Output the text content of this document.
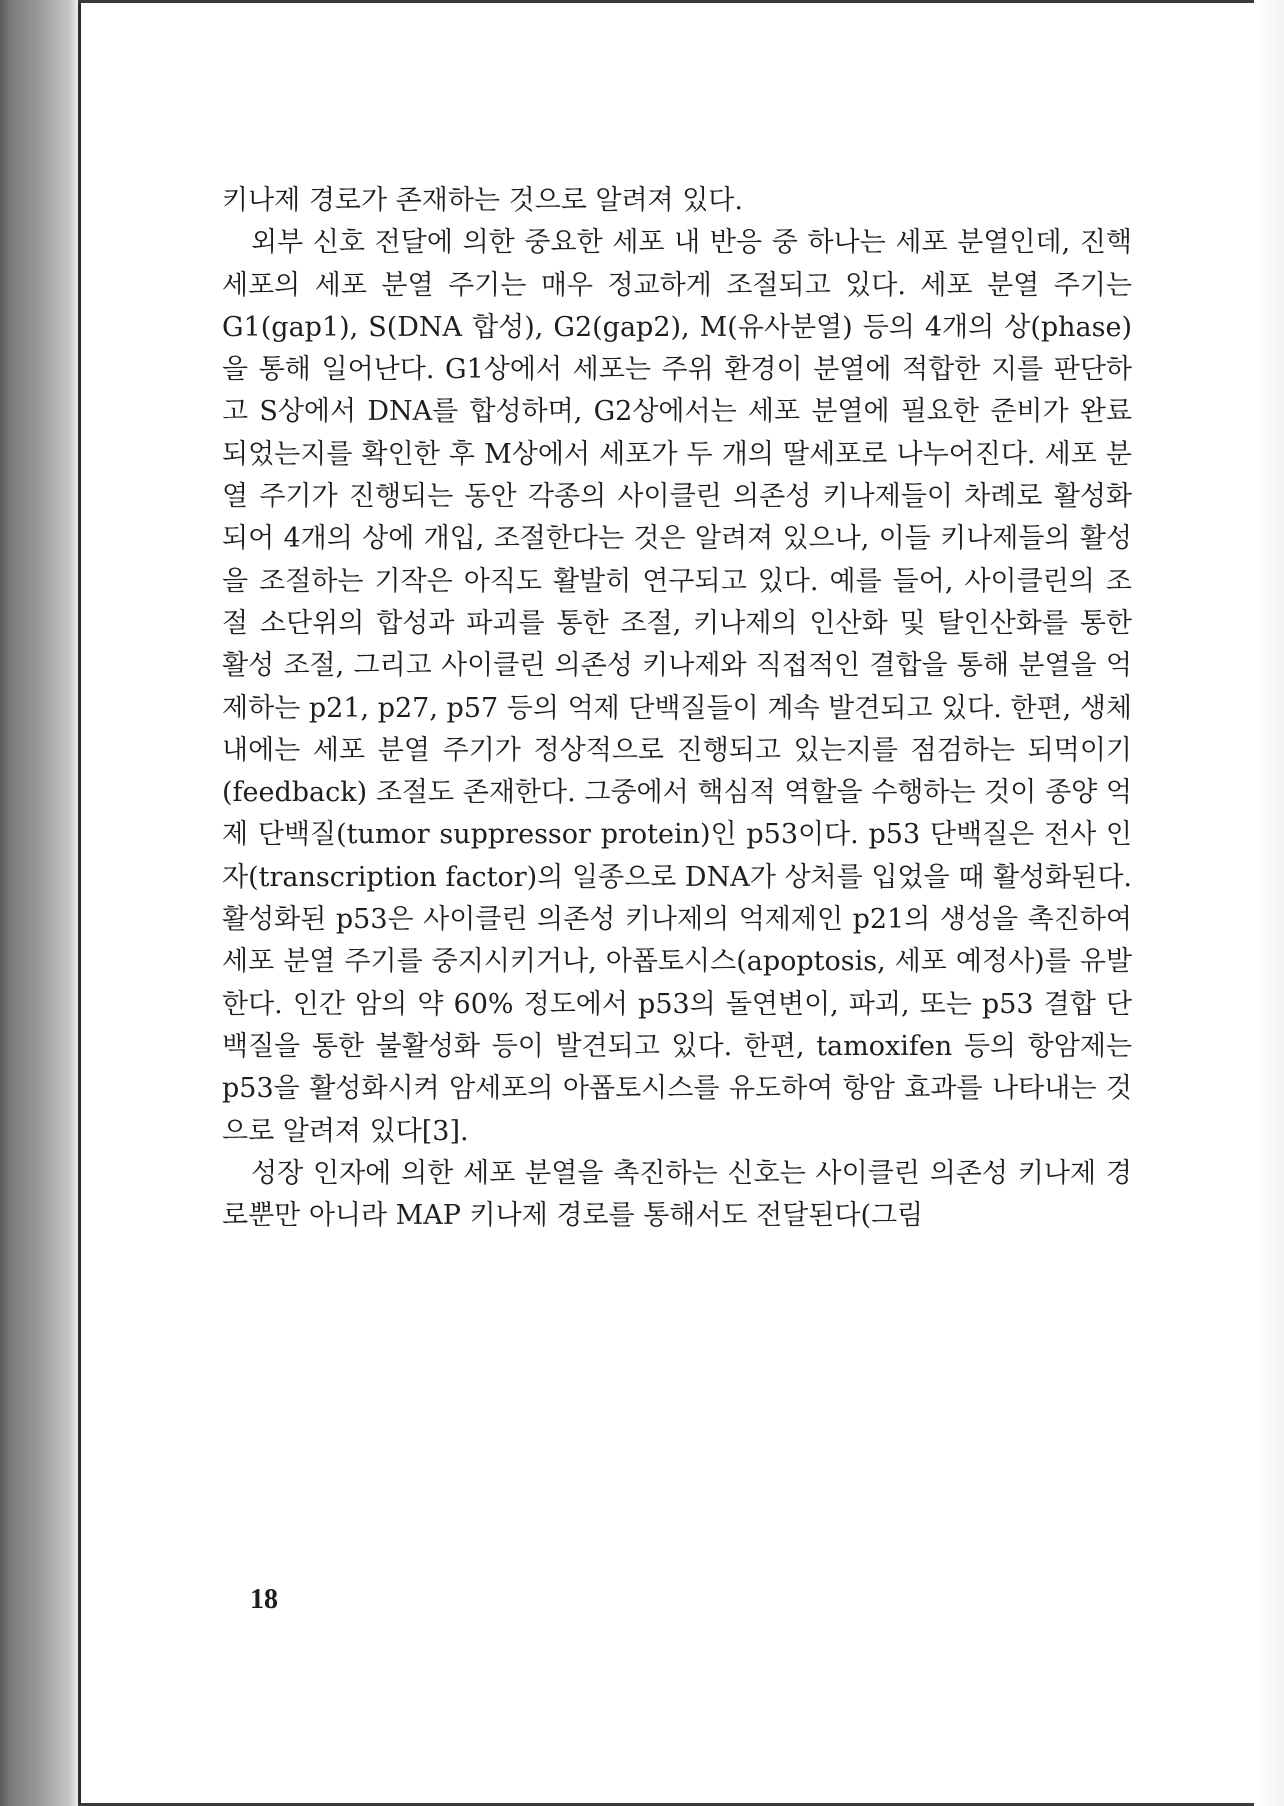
키나제 경로가 존재하는 것으로 알려져 있다.

외부 신호 전달에 의한 중요한 세포 내 반응 중 하나는 세포 분열인데, 진핵 세포의 세포 분열 주기는 매우 정교하게 조절되고 있다. 세포 분열 주기는 G1(gap1), S(DNA 합성), G2(gap2), M(유사분열) 등의 4개의 상(phase)을 통해 일어난다. G1상에서 세포는 주위 환경이 분열에 적합한 지를 판단하고 S상에서 DNA를 합성하며, G2상에서는 세포 분열에 필요한 준비가 완료되었는지를 확인한 후 M상에서 세포가 두 개의 딸세포로 나누어진다. 세포 분열 주기가 진행되는 동안 각종의 사이클린 의존성 키나제들이 차례로 활성화되어 4개의 상에 개입, 조절한다는 것은 알려져 있으나, 이들 키나제들의 활성을 조절하는 기작은 아직도 활발히 연구되고 있다. 예를 들어, 사이클린의 조절 소단위의 합성과 파괴를 통한 조절, 키나제의 인산화 및 탈인산화를 통한 활성 조절, 그리고 사이클린 의존성 키나제와 직접적인 결합을 통해 분열을 억제하는 p21, p27, p57 등의 억제 단백질들이 계속 발견되고 있다. 한편, 생체내에는 세포 분열 주기가 정상적으로 진행되고 있는지를 점검하는 되먹이기(feedback) 조절도 존재한다. 그중에서 핵심적 역할을 수행하는 것이 종양 억제 단백질(tumor suppressor protein)인 p53이다. p53 단백질은 전사 인자(transcription factor)의 일종으로 DNA가 상처를 입었을 때 활성화된다. 활성화된 p53은 사이클린 의존성 키나제의 억제제인 p21의 생성을 촉진하여 세포 분열 주기를 중지시키거나, 아폽토시스(apoptosis, 세포 예정사)를 유발한다. 인간 암의 약 60% 정도에서 p53의 돌연변이, 파괴, 또는 p53 결합 단백질을 통한 불활성화 등이 발견되고 있다. 한편, tamoxifen 등의 항암제는 p53을 활성화시켜 암세포의 아폽토시스를 유도하여 항암 효과를 나타내는 것으로 알려져 있다[3].

성장 인자에 의한 세포 분열을 촉진하는 신호는 사이클린 의존성 키나제 경로뿐만 아니라 MAP 키나제 경로를 통해서도 전달된다(그림

18
